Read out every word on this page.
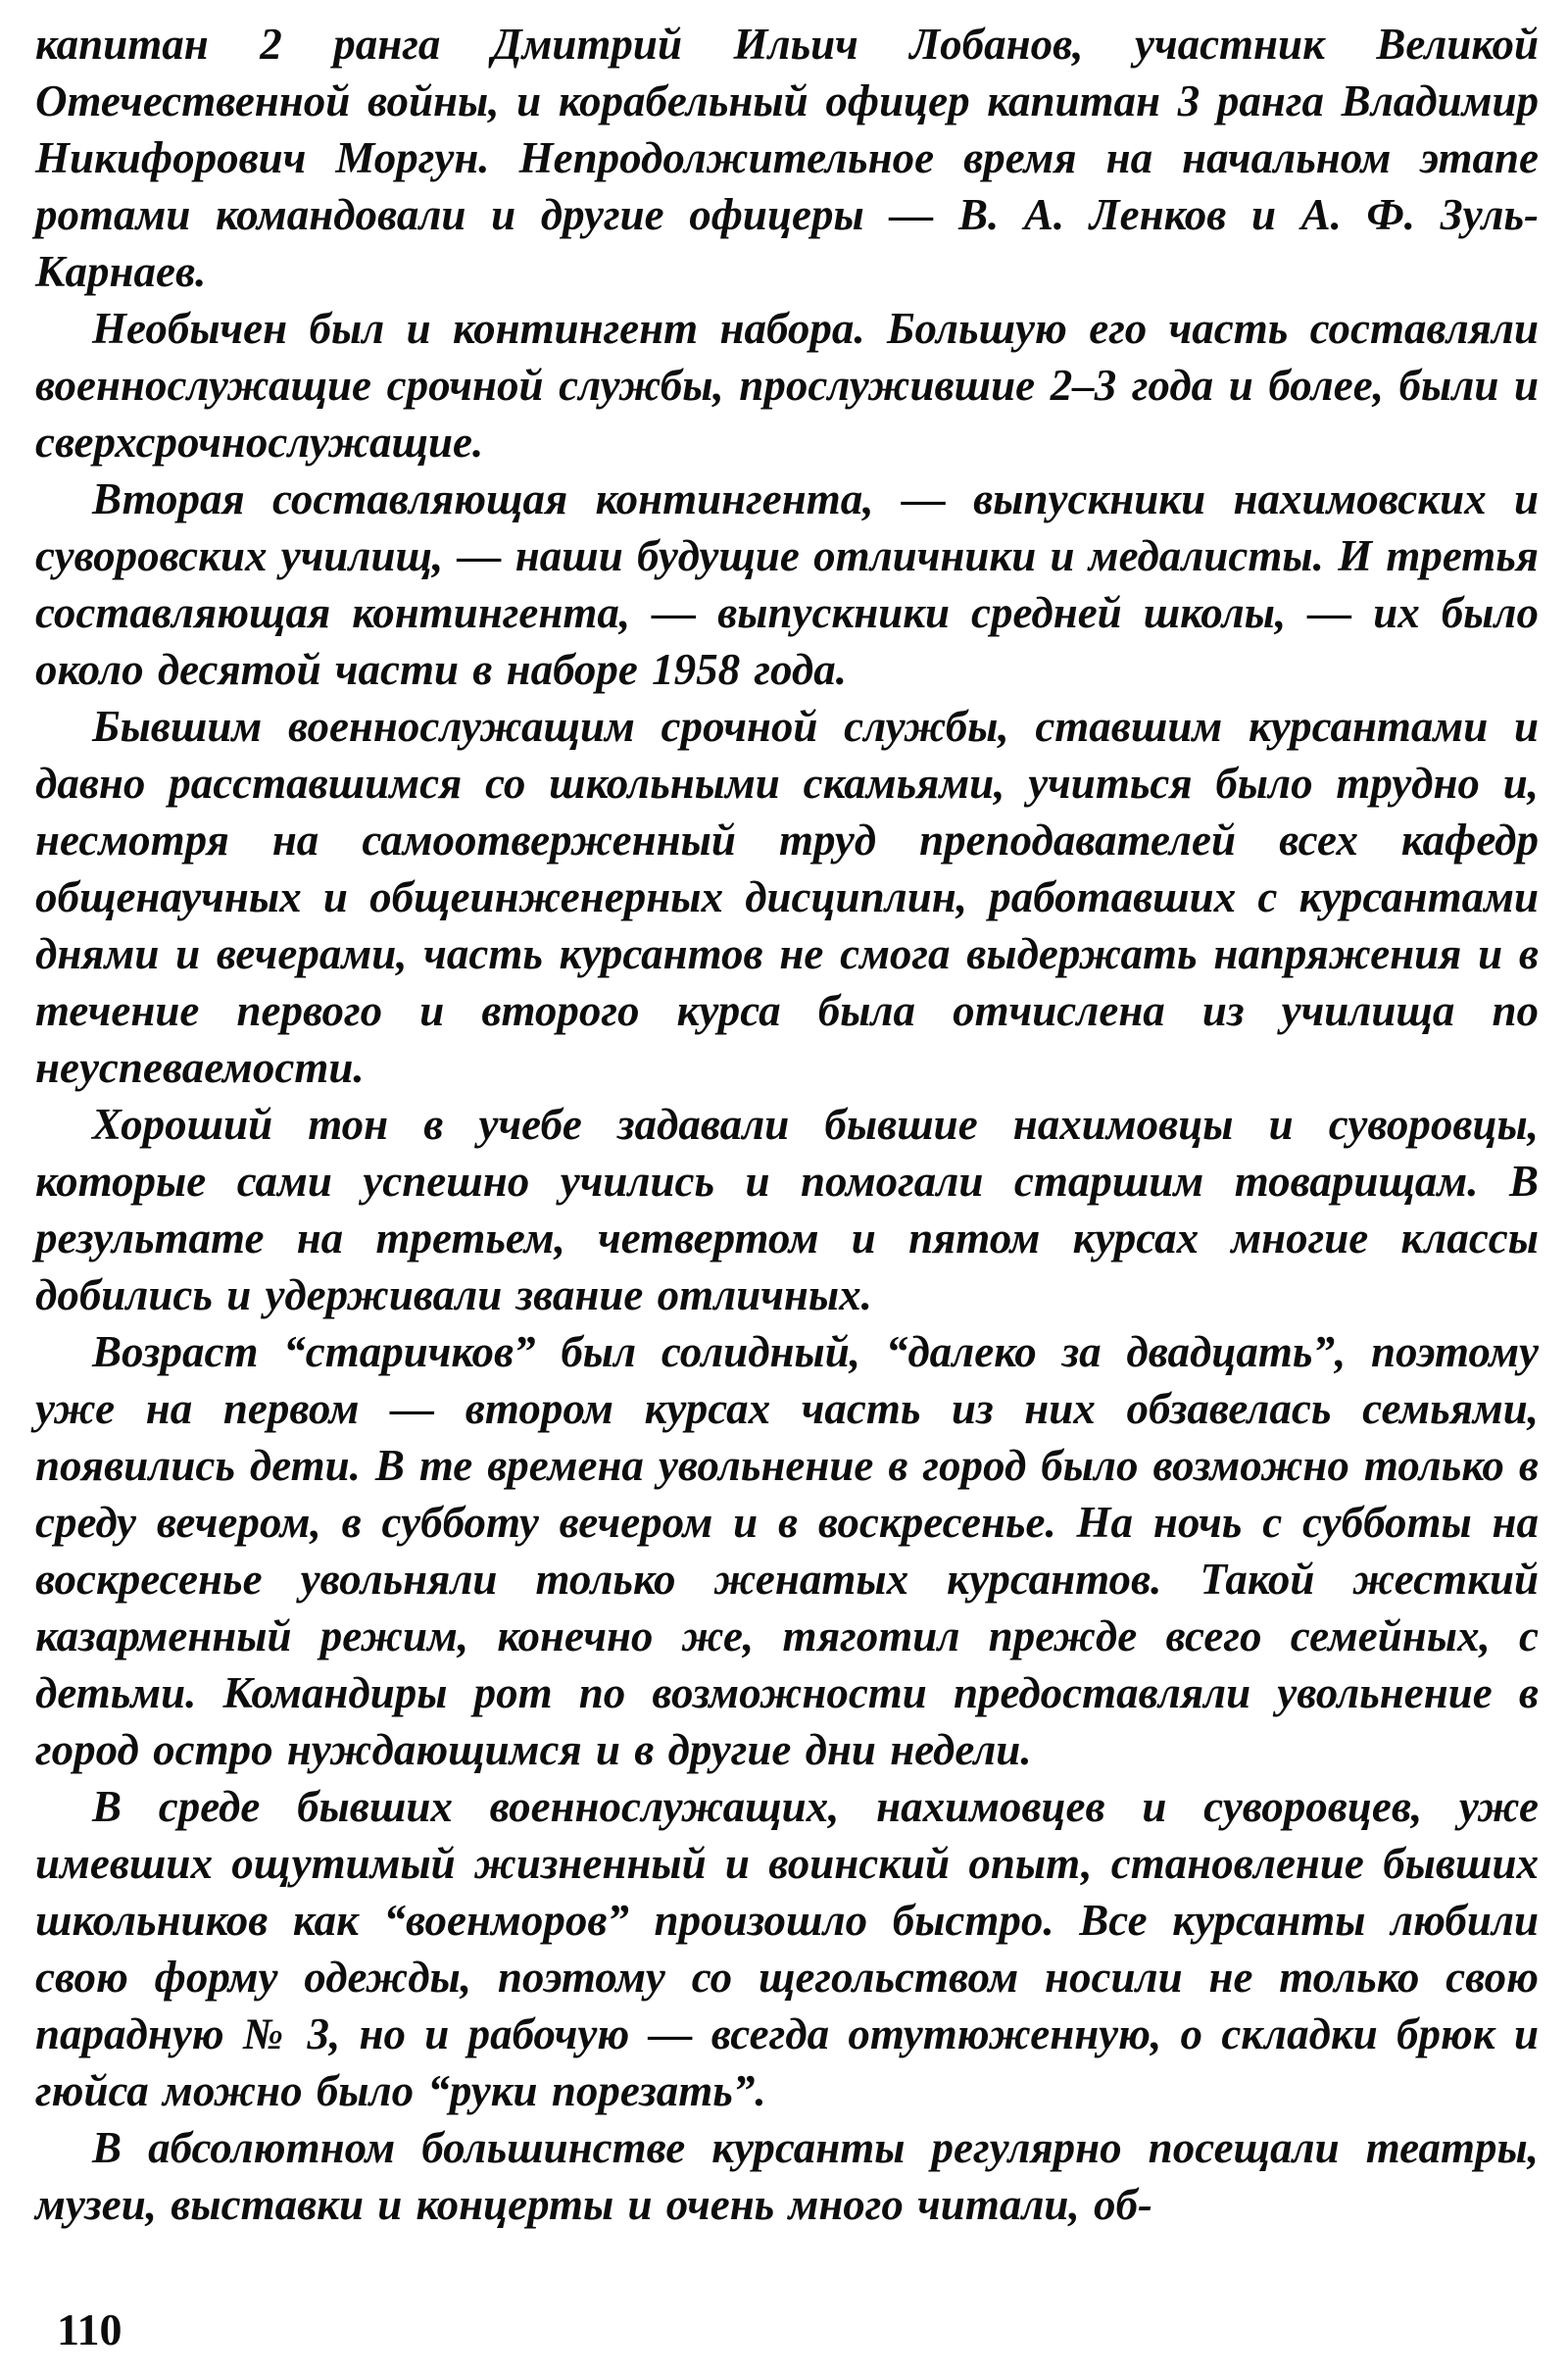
капитан 2 ранга Дмитрий Ильич Лобанов, участник Великой Отечественной войны, и корабельный офицер капитан 3 ранга Владимир Никифорович Моргун. Непродолжительное время на начальном этапе ротами командовали и другие офицеры — В. А. Ленков и А. Ф. Зуль-Карнаев.

Необычен был и контингент набора. Большую его часть составляли военнослужащие срочной службы, прослужившие 2–3 года и более, были и сверхсрочнослужащие.

Вторая составляющая контингента, — выпускники нахимовских и суворовских училищ, — наши будущие отличники и медалисты. И третья составляющая контингента, — выпускники средней школы, — их было около десятой части в наборе 1958 года.

Бывшим военнослужащим срочной службы, ставшим курсантами и давно расставшимся со школьными скамьями, учиться было трудно и, несмотря на самоотверженный труд преподавателей всех кафедр общенаучных и общеинженерных дисциплин, работавших с курсантами днями и вечерами, часть курсантов не смога выдержать напряжения и в течение первого и второго курса была отчислена из училища по неуспеваемости.

Хороший тон в учебе задавали бывшие нахимовцы и суворовцы, которые сами успешно учились и помогали старшим товарищам. В результате на третьем, четвертом и пятом курсах многие классы добились и удерживали звание отличных.

Возраст “старичков” был солидный, “далеко за двадцать”, поэтому уже на первом — втором курсах часть из них обзавелась семьями, появились дети. В те времена увольнение в город было возможно только в среду вечером, в субботу вечером и в воскресенье. На ночь с субботы на воскресенье увольняли только женатых курсантов. Такой жесткий казарменный режим, конечно же, тяготил прежде всего семейных, с детьми. Командиры рот по возможности предоставляли увольнение в город остро нуждающимся и в другие дни недели.

В среде бывших военнослужащих, нахимовцев и суворовцев, уже имевших ощутимый жизненный и воинский опыт, становление бывших школьников как “военморов” произошло быстро. Все курсанты любили свою форму одежды, поэтому со щегольством носили не только свою парадную № 3, но и рабочую — всегда отутюженную, о складки брюк и гюйса можно было “руки порезать”.

В абсолютном большинстве курсанты регулярно посещали театры, музеи, выставки и концерты и очень много читали, об-

110
